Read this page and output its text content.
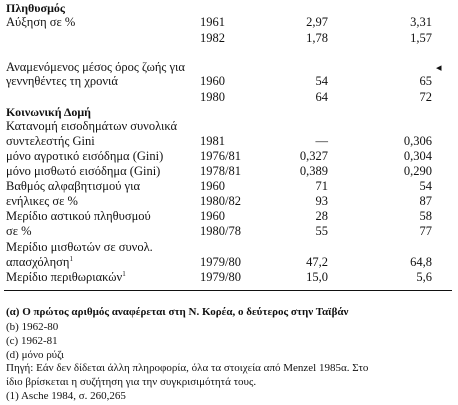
Πληθυσμός
Αύξηση σε %	1961	2,97	3,31
1982	1,78	1,57
Αναμενόμενος μέσος όρος ζωής για
γεννηθέντες τη χρονιά	1960	54	65
1980	64	72
Κοινωνική Δομή
Κατανομή εισοδημάτων συνολικά
συντελεστής Gini	1981	—	0,306
μόνο αγροτικό εισόδημα (Gini)	1976/81	0,327	0,304
μόνο μισθωτό εισόδημα (Gini)	1978/81	0,389	0,290
Βαθμός αλφαβητισμού για	1960	71	54
ενήλικες σε %	1980/82	93	87
Μερίδιο αστικού πληθυσμού	1960	28	58
σε %	1980/78	55	77
Μερίδιο μισθωτών σε συνολ.
απασχόληση$^1$	1979/80	47,2	64,8
Μερίδιο περιθωριακών$^1$	1979/80	15,0	5,6
(α) Ο πρώτος αριθμός αναφέρεται στη Ν. Κορέα, ο δεύτερος στην Ταϊβάν
(b) 1962-80
(c) 1962-81
(d) μόνο ρύζι
Πηγή: Εάν δεν δίδεται άλλη πληροφορία, όλα τα στοιχεία από Menzel 1985α. Στο
ίδιο βρίσκεται η συζήτηση για την συγκρισιμότητά τους.
(1) Asche 1984, σ. 260,265
◂
